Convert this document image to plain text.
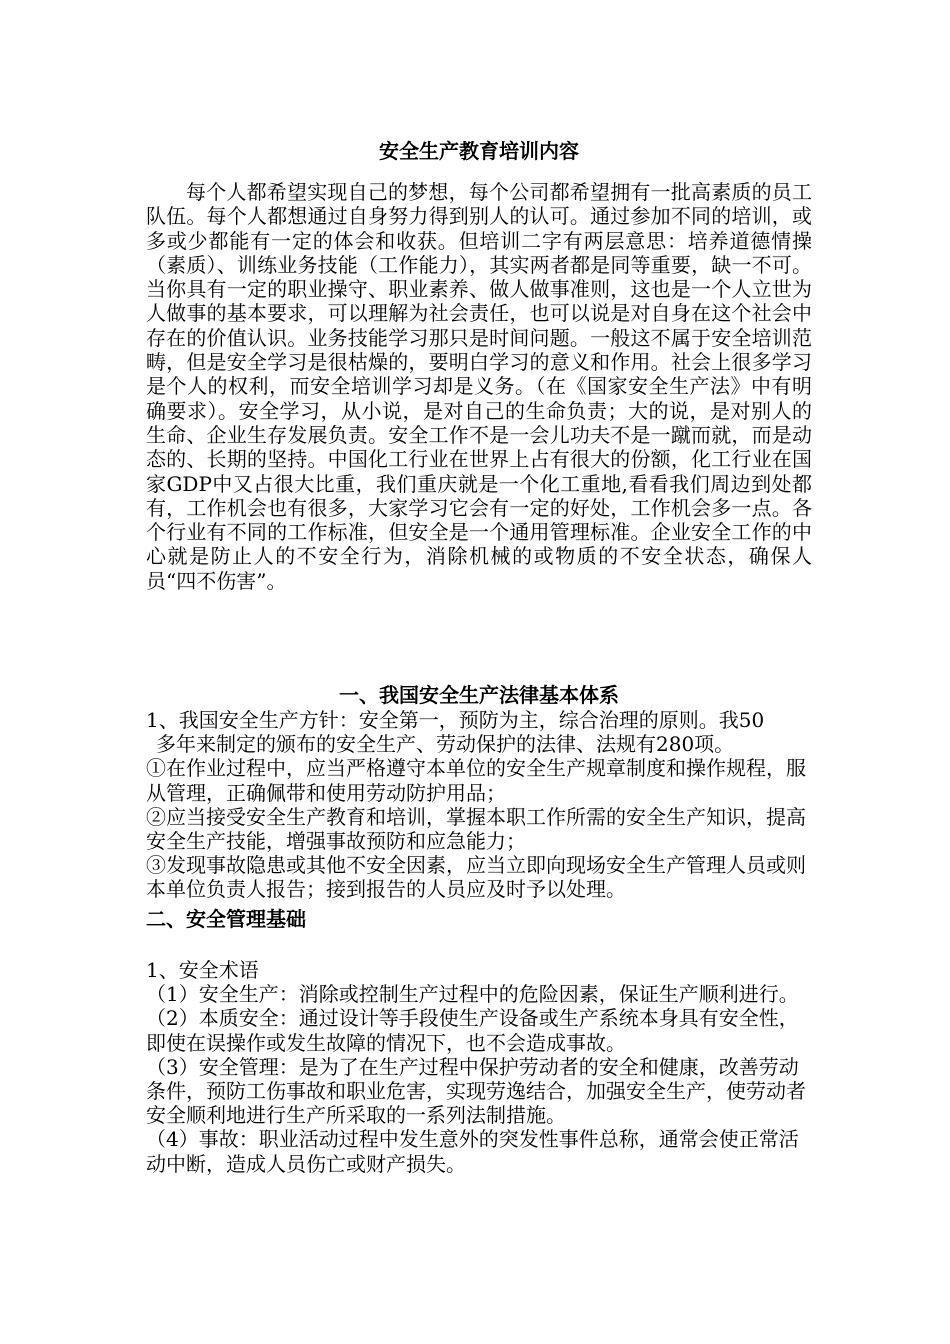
安全生产教育培训内容

每个人都希望实现自己的梦想，每个公司都希望拥有一批高素质的员工队伍。每个人都想通过自身努力得到别人的认可。通过参加不同的培训，或多或少都能有一定的体会和收获。但培训二字有两层意思：培养道德情操（素质）、训练业务技能（工作能力），其实两者都是同等重要，缺一不可。当你具有一定的职业操守、职业素养、做人做事准则，这也是一个人立世为人做事的基本要求，可以理解为社会责任，也可以说是对自身在这个社会中存在的价值认识。业务技能学习那只是时间问题。一般这不属于安全培训范畴，但是安全学习是很枯燥的，要明白学习的意义和作用。社会上很多学习是个人的权利，而安全培训学习却是义务。（在《国家安全生产法》中有明确要求）。安全学习，从小说，是对自己的生命负责；大的说，是对别人的生命、企业生存发展负责。安全工作不是一会儿功夫不是一蹴而就，而是动态的、长期的坚持。中国化工行业在世界上占有很大的份额，化工行业在国家GDP中又占很大比重，我们重庆就是一个化工重地,看看我们周边到处都有，工作机会也有很多，大家学习它会有一定的好处，工作机会多一点。各个行业有不同的工作标准，但安全是一个通用管理标准。企业安全工作的中心就是防止人的不安全行为，消除机械的或物质的不安全状态，确保人员“四不伤害”。

一、我国安全生产法律基本体系

1、我国安全生产方针：安全第一，预防为主，综合治理的原则。我50

多年来制定的颁布的安全生产、劳动保护的法律、法规有280项。

①在作业过程中，应当严格遵守本单位的安全生产规章制度和操作规程，服从管理，正确佩带和使用劳动防护用品；

②应当接受安全生产教育和培训，掌握本职工作所需的安全生产知识，提高安全生产技能，增强事故预防和应急能力；

③发现事故隐患或其他不安全因素，应当立即向现场安全生产管理人员或则本单位负责人报告；接到报告的人员应及时予以处理。

二、安全管理基础

1、安全术语

（1）安全生产：消除或控制生产过程中的危险因素，保证生产顺利进行。

（2）本质安全：通过设计等手段使生产设备或生产系统本身具有安全性，即使在误操作或发生故障的情况下，也不会造成事故。

（3）安全管理：是为了在生产过程中保护劳动者的安全和健康，改善劳动条件，预防工伤事故和职业危害，实现劳逸结合，加强安全生产，使劳动者安全顺利地进行生产所采取的一系列法制措施。

（4）事故：职业活动过程中发生意外的突发性事件总称，通常会使正常活动中断，造成人员伤亡或财产损失。
